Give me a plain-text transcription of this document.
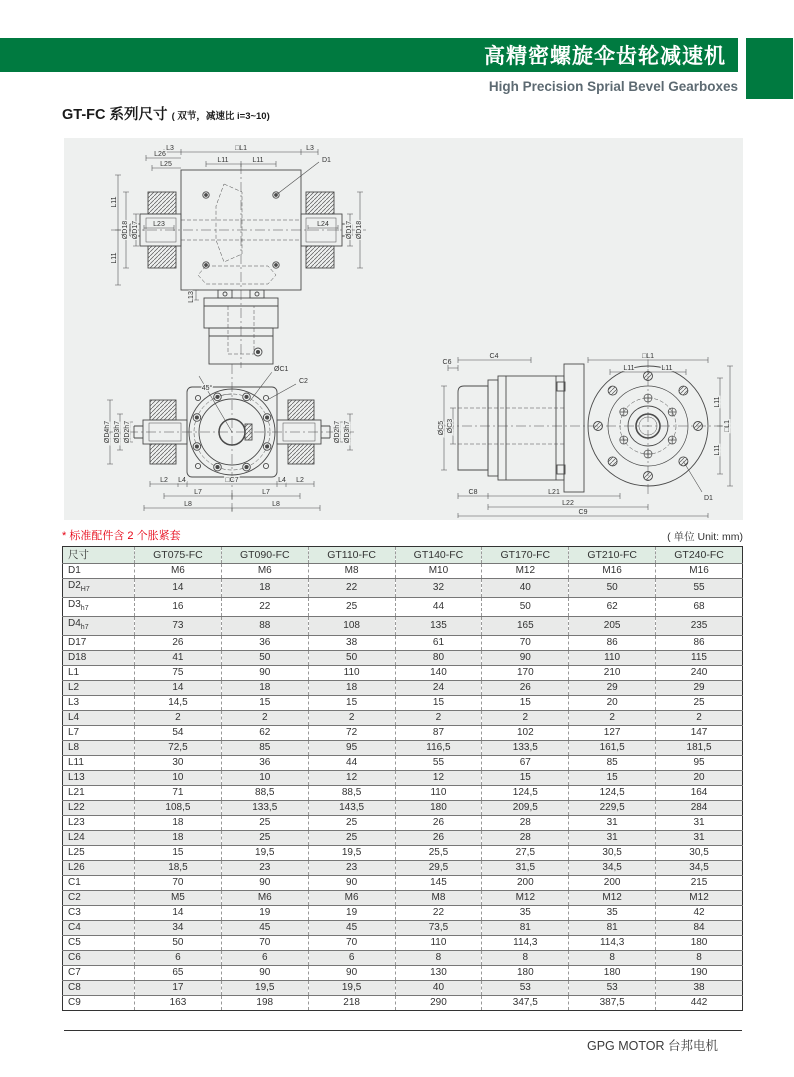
高精密螺旋伞齿轮减速机
High Precision Sprial Bevel Gearboxes
GT-FC 系列尺寸 ( 双节，减速比 i=3~10)
L3	□L1	L3
D1
L26
L25
L11	L11
L11
L11
ØD18 ØD17 L23	L24 ØD17 ØD18
L13
45°
ØC1
C2
ØD4h7 ØD3h7 ØD2h7	ØD2h7 ØD3h7
L2 L4	□C7	L4 L2
L7	L7
L8	L8
C4
C6
□L1
L11	L11
ØC5 ØC3
L11
L11
□L1
C8	L21
L22
C9
D1
* 标准配件含 2 个胀紧套	( 单位 Unit: mm)
尺寸	GT075-FC	GT090-FC	GT110-FC	GT140-FC	GT170-FC	GT210-FC	GT240-FC
D1	M6	M6	M8	M10	M12	M16	M16
$D2_{H7}$	14	18	22	32	40	50	55
$D3_{h7}$	16	22	25	44	50	62	68
$D4_{h7}$	73	88	108	135	165	205	235
D17	26	36	38	61	70	86	86
D18	41	50	50	80	90	110	115
L1	75	90	110	140	170	210	240
L2	14	18	18	24	26	29	29
L3	14,5	15	15	15	15	20	25
L4	2	2	2	2	2	2	2
L7	54	62	72	87	102	127	147
L8	72,5	85	95	116,5	133,5	161,5	181,5
L11	30	36	44	55	67	85	95
L13	10	10	12	12	15	15	20
L21	71	88,5	88,5	110	124,5	124,5	164
L22	108,5	133,5	143,5	180	209,5	229,5	284
L23	18	25	25	26	28	31	31
L24	18	25	25	26	28	31	31
L25	15	19,5	19,5	25,5	27,5	30,5	30,5
L26	18,5	23	23	29,5	31,5	34,5	34,5
C1	70	90	90	145	200	200	215
C2	M5	M6	M6	M8	M12	M12	M12
C3	14	19	19	22	35	35	42
C4	34	45	45	73,5	81	81	84
C5	50	70	70	110	114,3	114,3	180
C6	6	6	6	8	8	8	8
C7	65	90	90	130	180	180	190
C8	17	19,5	19,5	40	53	53	38
C9	163	198	218	290	347,5	387,5	442
GPG MOTOR 台邦电机
